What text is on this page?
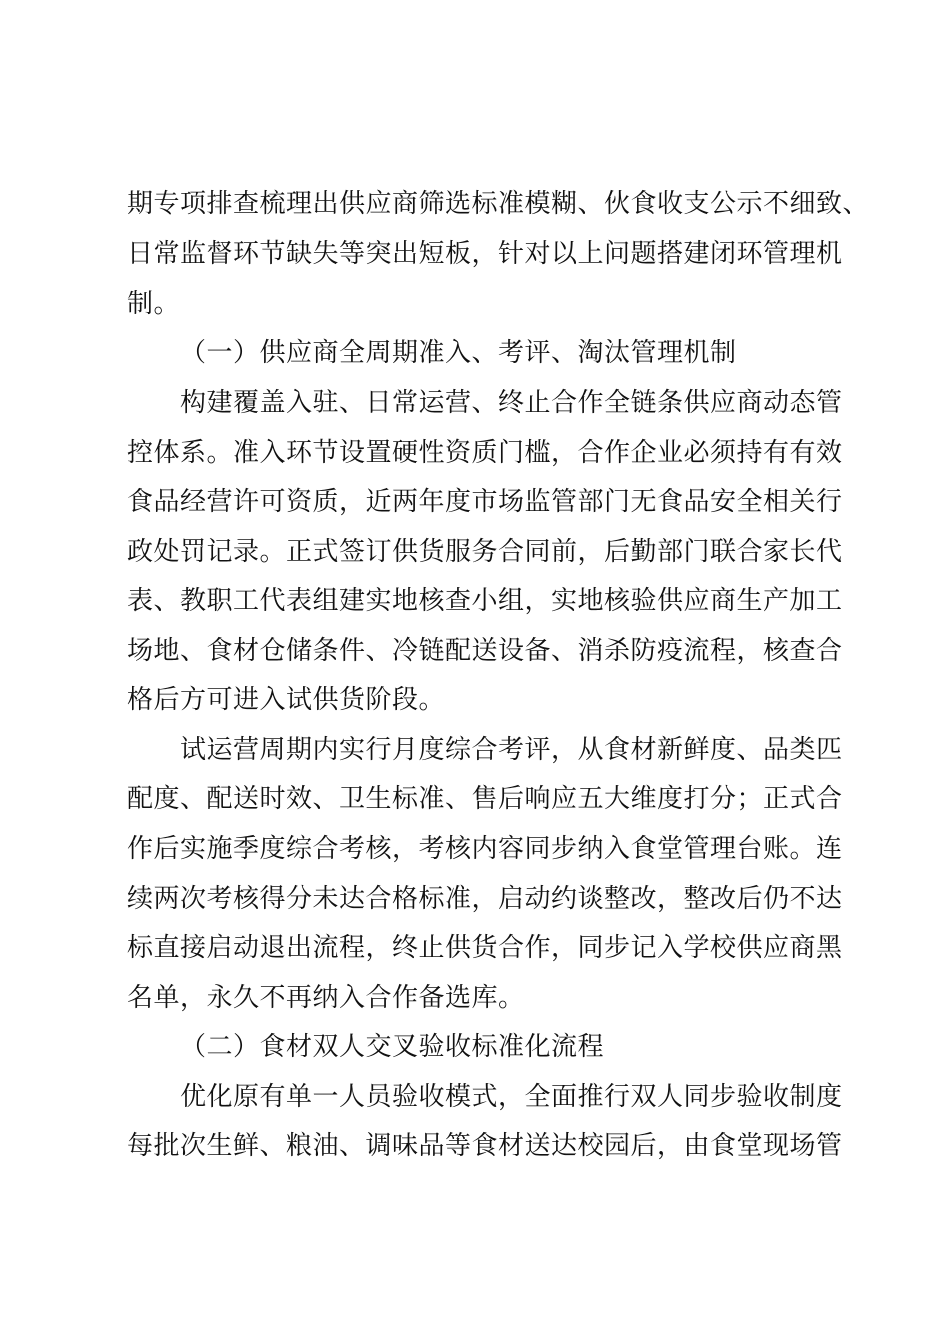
期专项排查梳理出供应商筛选标准模糊、伙食收支公示不细致、
日常监督环节缺失等突出短板，针对以上问题搭建闭环管理机
制。
（一）供应商全周期准入、考评、淘汰管理机制
构建覆盖入驻、日常运营、终止合作全链条供应商动态管
控体系。准入环节设置硬性资质门槛，合作企业必须持有有效
食品经营许可资质，近两年度市场监管部门无食品安全相关行
政处罚记录。正式签订供货服务合同前，后勤部门联合家长代
表、教职工代表组建实地核查小组，实地核验供应商生产加工
场地、食材仓储条件、冷链配送设备、消杀防疫流程，核查合
格后方可进入试供货阶段。
试运营周期内实行月度综合考评，从食材新鲜度、品类匹
配度、配送时效、卫生标准、售后响应五大维度打分；正式合
作后实施季度综合考核，考核内容同步纳入食堂管理台账。连
续两次考核得分未达合格标准，启动约谈整改，整改后仍不达
标直接启动退出流程，终止供货合作，同步记入学校供应商黑
名单，永久不再纳入合作备选库。
（二）食材双人交叉验收标准化流程
优化原有单一人员验收模式，全面推行双人同步验收制度
每批次生鲜、粮油、调味品等食材送达校园后，由食堂现场管
